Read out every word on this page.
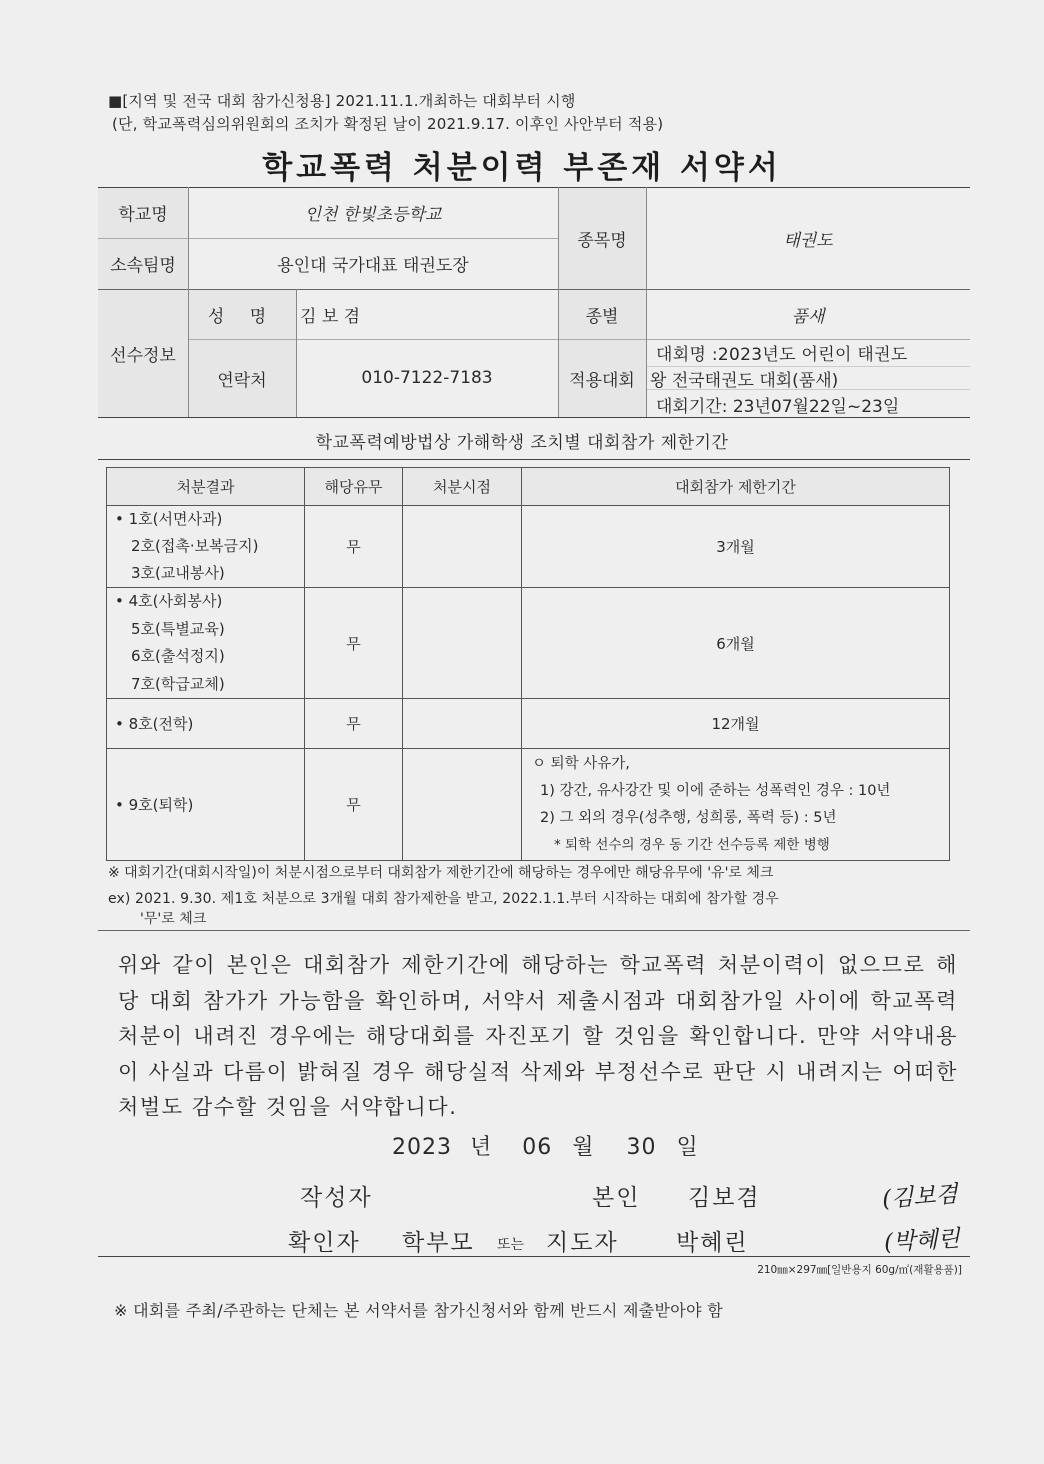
■[지역 및 전국 대회 참가신청용] 2021.11.1.개최하는 대회부터 시행
(단, 학교폭력심의위원회의 조치가 확정된 날이 2021.9.17. 이후인 사안부터 적용)
학교폭력 처분이력 부존재 서약서
학교명	인천 한빛초등학교
소속팀명	용인대 국가대표 태권도장
종목명	태권도
선수정보
성 명	김 보 겸
연락처	010-7122-7183
종별	품새
적용대회
대회명 :2023년도 어린이 태권도
왕 전국태권도 대회(품새)
대회기간: 23년07월22일~23일
학교폭력예방법상 가해학생 조치별 대회참가 제한기간
처분결과	해당유무	처분시점	대회참가 제한기간

• 1호(서면사과)
2호(접촉·보복금지)
3호(교내봉사)	무		3개월

• 4호(사회봉사)
5호(특별교육)
6호(출석정지)
7호(학급교체)	무		6개월

• 8호(전학)	무		12개월

• 9호(퇴학)	무		ㅇ 퇴학 사유가,
1) 강간, 유사강간 및 이에 준하는 성폭력인 경우 : 10년
2) 그 외의 경우(성추행, 성희롱, 폭력 등) : 5년
* 퇴학 선수의 경우 동 기간 선수등록 제한 병행
※ 대회기간(대회시작일)이 처분시점으로부터 대회참가 제한기간에 해당하는 경우에만 해당유무에 '유'로 체크
ex) 2021. 9.30. 제1호 처분으로 3개월 대회 참가제한을 받고, 2022.1.1.부터 시작하는 대회에 참가할 경우
'무'로 체크
위와 같이 본인은 대회참가 제한기간에 해당하는 학교폭력 처분이력이 없으므로 해당 대회 참가가 가능함을 확인하며, 서약서 제출시점과 대회참가일 사이에 학교폭력 처분이 내려진 경우에는 해당대회를 자진포기 할 것임을 확인합니다. 만약 서약내용이 사실과 다름이 밝혀질 경우 해당실적 삭제와 부정선수로 판단 시 내려지는 어떠한 처벌도 감수할 것임을 서약합니다.
2023 년 06 월 30 일
작성자	본인 김보겸	(김보겸
확인자 학부모 또는 지도자 박혜린	(박혜린
210㎜×297㎜[일반용지 60g/㎡(재활용품)]
※ 대회를 주최/주관하는 단체는 본 서약서를 참가신청서와 함께 반드시 제출받아야 함
